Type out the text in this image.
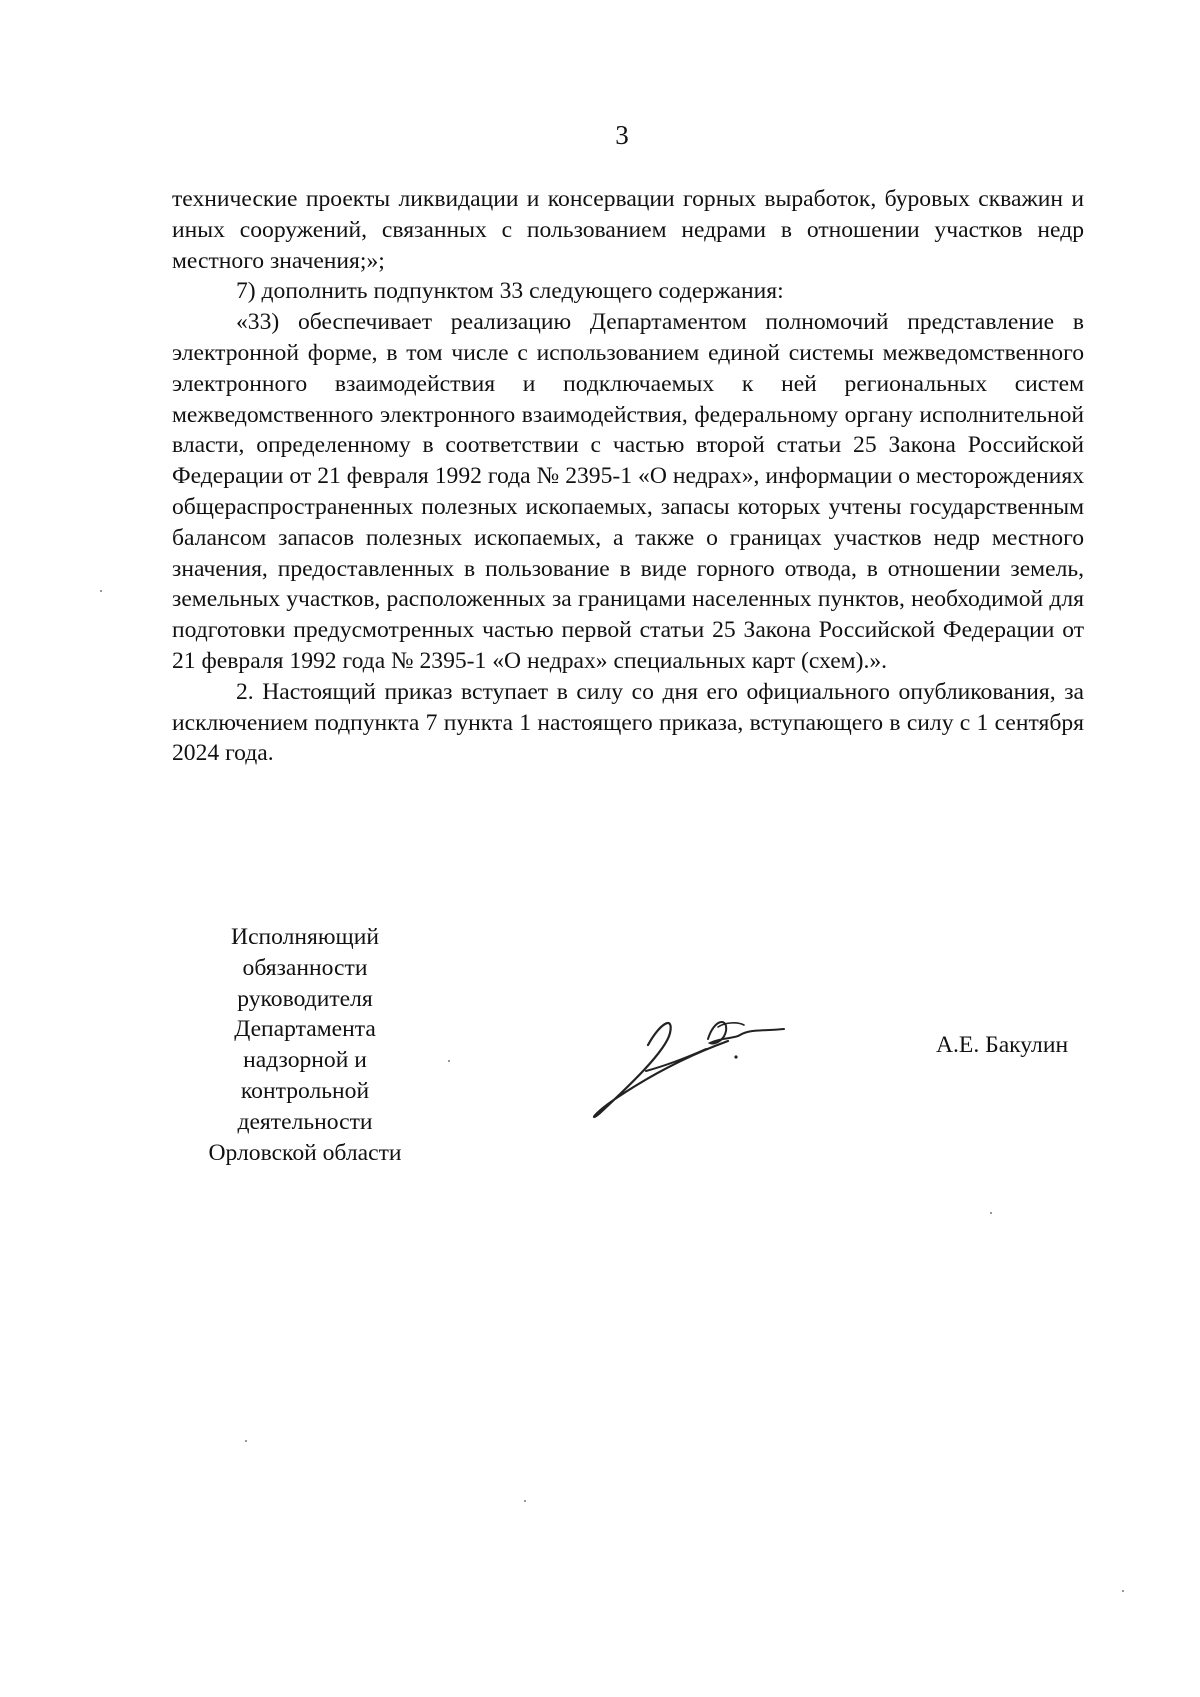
3

технические проекты ликвидации и консервации горных выработок, буровых скважин и иных сооружений, связанных с пользованием недрами в отношении участков недр местного значения;»;

7) дополнить подпунктом 33 следующего содержания:

«33) обеспечивает реализацию Департаментом полномочий представление в электронной форме, в том числе с использованием единой системы межведомственного электронного взаимодействия и подключаемых к ней региональных систем межведомственного электронного взаимодействия, федеральному органу исполнительной власти, определенному в соответствии с частью второй статьи 25 Закона Российской Федерации от 21 февраля 1992 года № 2395-1 «О недрах», информации о месторождениях общераспространенных полезных ископаемых, запасы которых учтены государственным балансом запасов полезных ископаемых, а также о границах участков недр местного значения, предоставленных в пользование в виде горного отвода, в отношении земель, земельных участков, расположенных за границами населенных пунктов, необходимой для подготовки предусмотренных частью первой статьи 25 Закона Российской Федерации от 21 февраля 1992 года № 2395-1 «О недрах» специальных карт (схем).».

2. Настоящий приказ вступает в силу со дня его официального опубликования, за исключением подпункта 7 пункта 1 настоящего приказа, вступающего в силу с 1 сентября 2024 года.

Исполняющий
обязанности
руководителя
Департамента
надзорной и
контрольной
деятельности
Орловской области
А.Е. Бакулин
